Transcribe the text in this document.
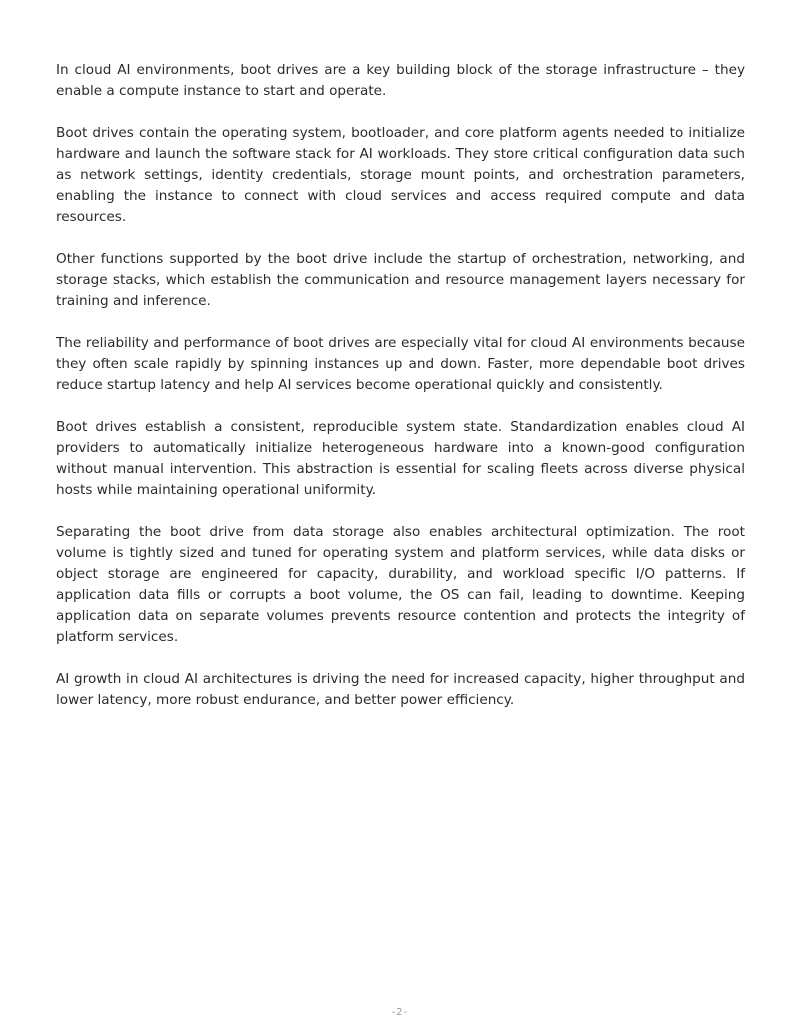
In cloud AI environments, boot drives are a key building block of the storage infrastructure – they enable a compute instance to start and operate.

Boot drives contain the operating system, bootloader, and core platform agents needed to initialize hardware and launch the software stack for AI workloads. They store critical configuration data such as network settings, identity credentials, storage mount points, and orchestration parameters, enabling the instance to connect with cloud services and access required compute and data resources.

Other functions supported by the boot drive include the startup of orchestration, networking, and storage stacks, which establish the communication and resource management layers necessary for training and inference.

The reliability and performance of boot drives are especially vital for cloud AI environments because they often scale rapidly by spinning instances up and down. Faster, more dependable boot drives reduce startup latency and help AI services become operational quickly and consistently.

Boot drives establish a consistent, reproducible system state. Standardization enables cloud AI providers to automatically initialize heterogeneous hardware into a known-good configuration without manual intervention. This abstraction is essential for scaling fleets across diverse physical hosts while maintaining operational uniformity.

Separating the boot drive from data storage also enables architectural optimization. The root volume is tightly sized and tuned for operating system and platform services, while data disks or object storage are engineered for capacity, durability, and workload specific I/O patterns. If application data fills or corrupts a boot volume, the OS can fail, leading to downtime. Keeping application data on separate volumes prevents resource contention and protects the integrity of platform services.

AI growth in cloud AI architectures is driving the need for increased capacity, higher throughput and lower latency, more robust endurance, and better power efficiency.

-2-
